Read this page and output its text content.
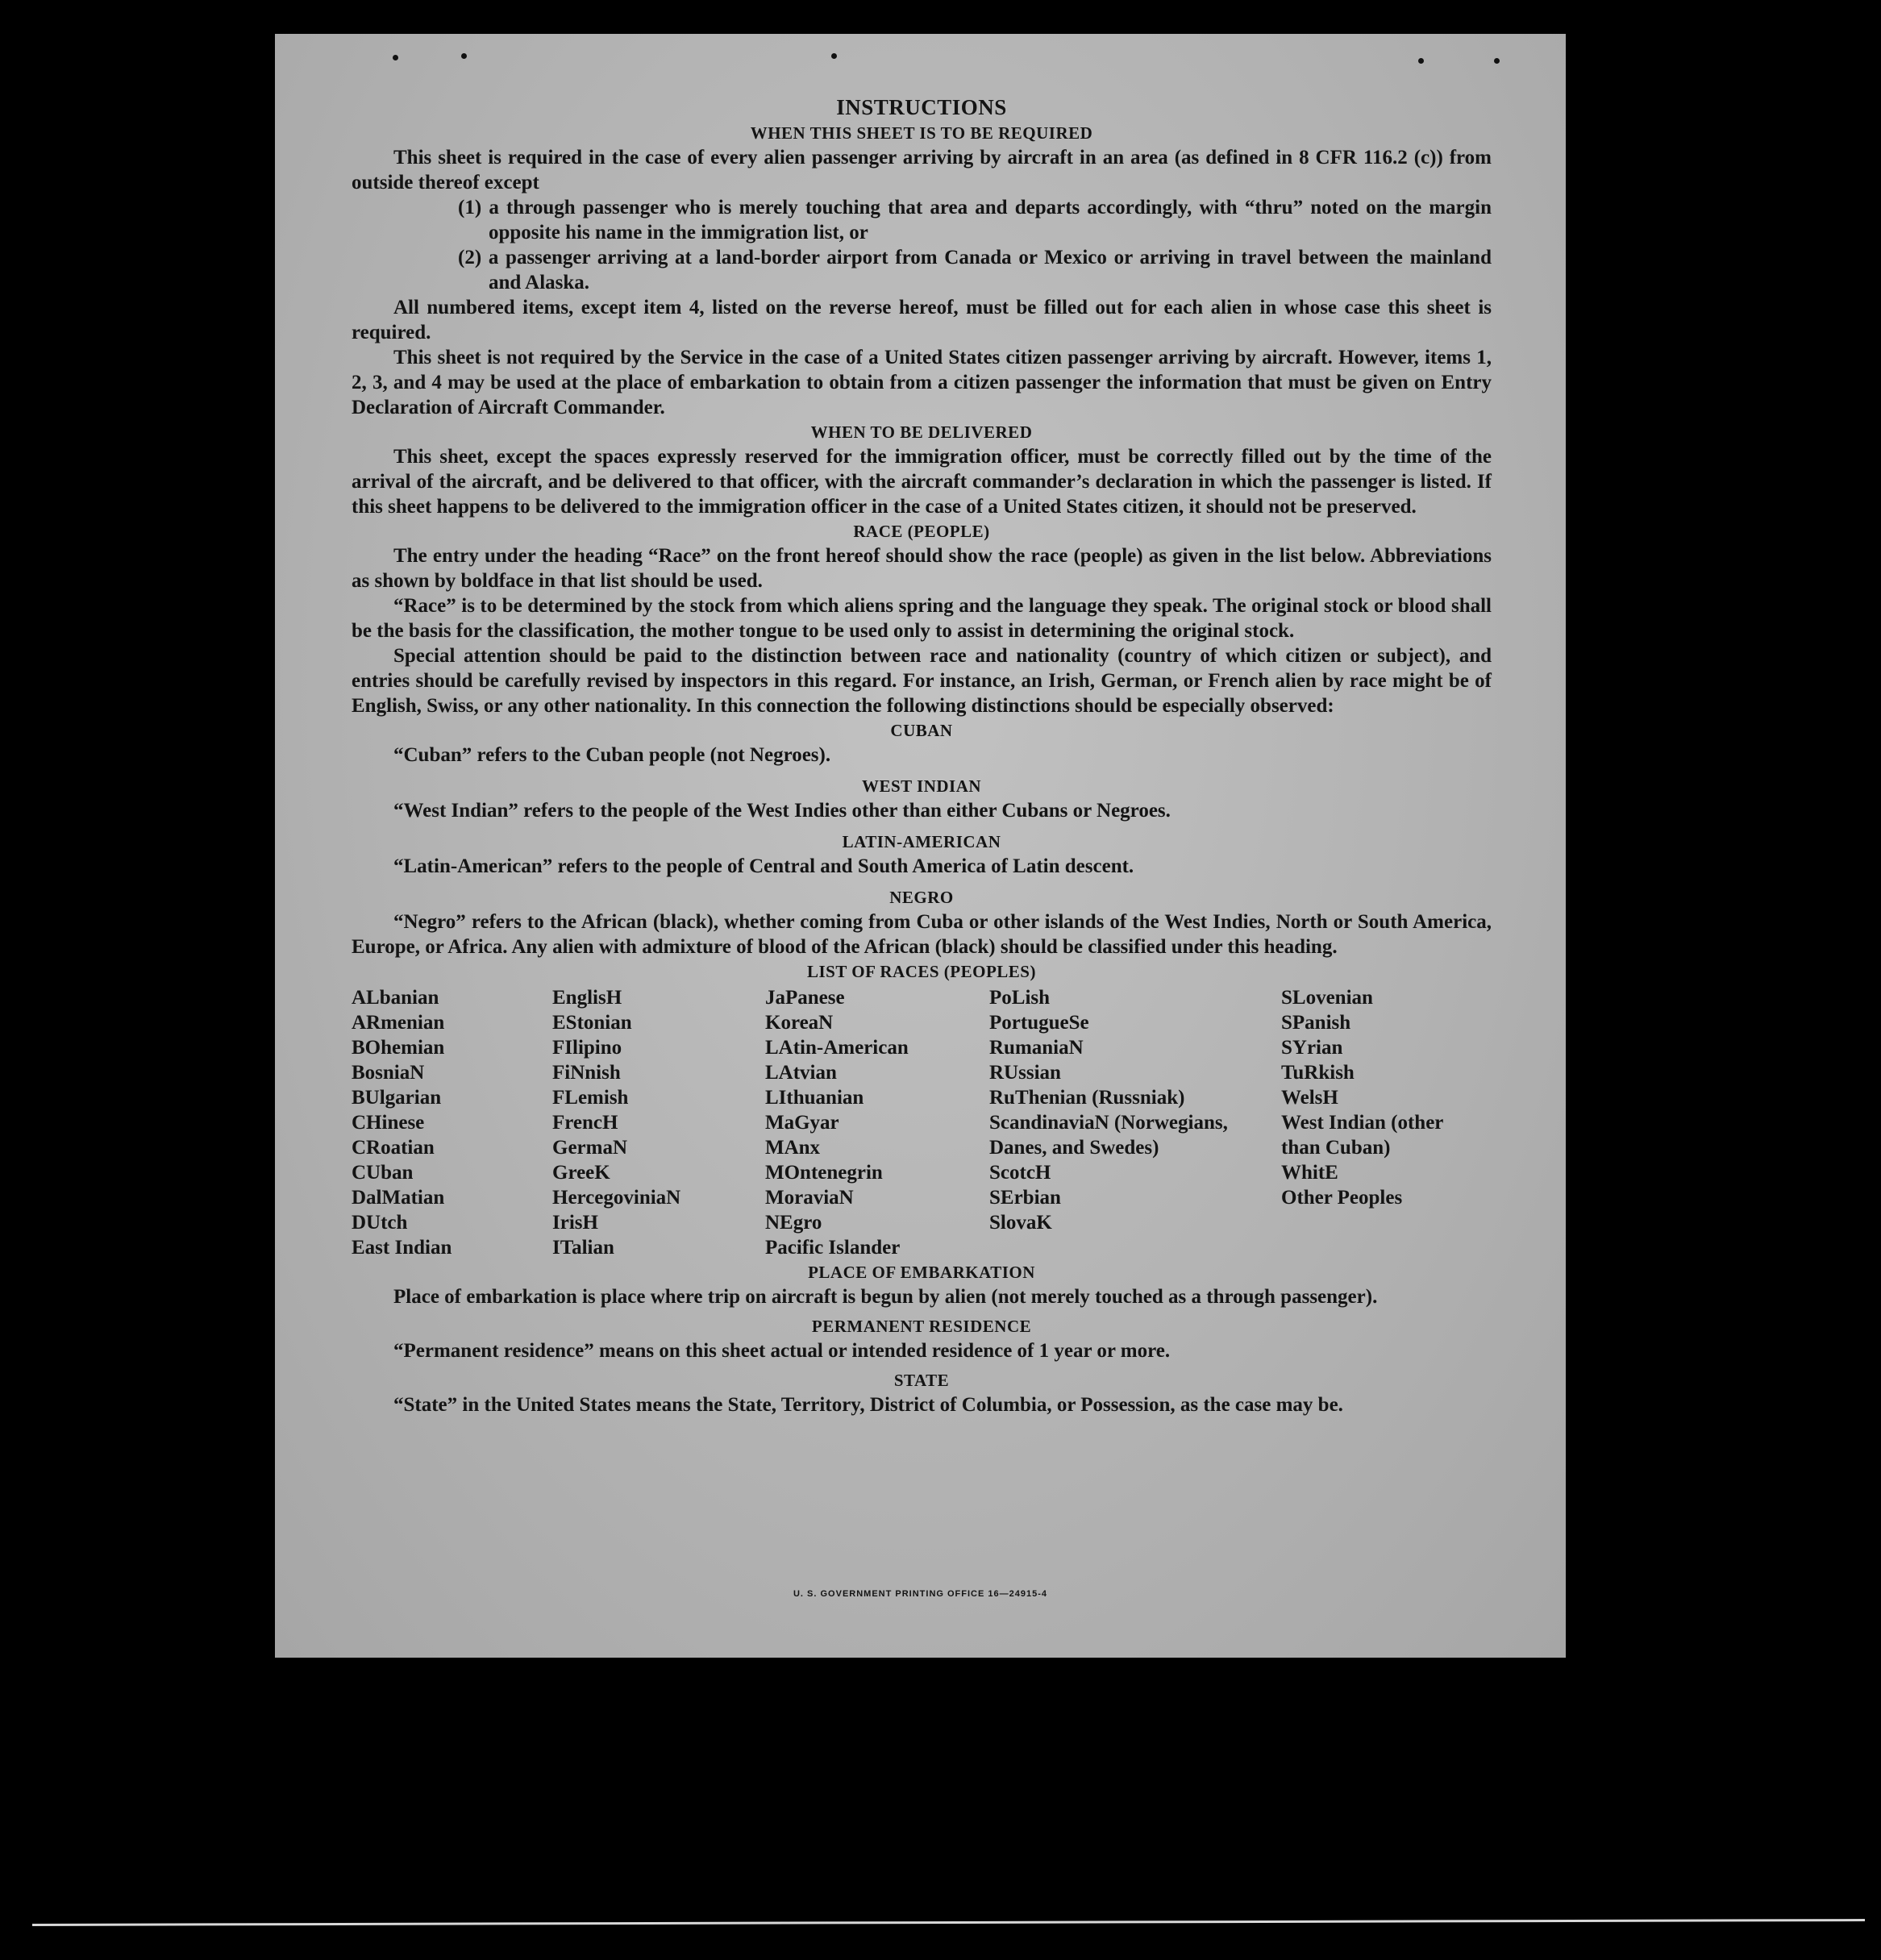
INSTRUCTIONS
WHEN THIS SHEET IS TO BE REQUIRED

This sheet is required in the case of every alien passenger arriving by aircraft in an area (as defined in 8 CFR 116.2 (c)) from outside thereof except

(1) a through passenger who is merely touching that area and departs accordingly, with “thru” noted on the margin opposite his name in the immigration list, or

(2) a passenger arriving at a land-border airport from Canada or Mexico or arriving in travel between the mainland and Alaska.

All numbered items, except item 4, listed on the reverse hereof, must be filled out for each alien in whose case this sheet is required.

This sheet is not required by the Service in the case of a United States citizen passenger arriving by aircraft. However, items 1, 2, 3, and 4 may be used at the place of embarkation to obtain from a citizen passenger the information that must be given on Entry Declaration of Aircraft Commander.

WHEN TO BE DELIVERED

This sheet, except the spaces expressly reserved for the immigration officer, must be correctly filled out by the time of the arrival of the aircraft, and be delivered to that officer, with the aircraft commander’s declaration in which the passenger is listed. If this sheet happens to be delivered to the immigration officer in the case of a United States citizen, it should not be preserved.

RACE (PEOPLE)

The entry under the heading “Race” on the front hereof should show the race (people) as given in the list below. Abbreviations as shown by boldface in that list should be used.

“Race” is to be determined by the stock from which aliens spring and the language they speak. The original stock or blood shall be the basis for the classification, the mother tongue to be used only to assist in determining the original stock.

Special attention should be paid to the distinction between race and nationality (country of which citizen or subject), and entries should be carefully revised by inspectors in this regard. For instance, an Irish, German, or French alien by race might be of English, Swiss, or any other nationality. In this connection the following distinctions should be especially observed:

CUBAN

“Cuban” refers to the Cuban people (not Negroes).

WEST INDIAN

“West Indian” refers to the people of the West Indies other than either Cubans or Negroes.

LATIN-AMERICAN

“Latin-American” refers to the people of Central and South America of Latin descent.

NEGRO

“Negro” refers to the African (black), whether coming from Cuba or other islands of the West Indies, North or South America, Europe, or Africa. Any alien with admixture of blood of the African (black) should be classified under this heading.

LIST OF RACES (PEOPLES)
ALbanian
ARmenian
BOhemian
BosniaN
BUlgarian
CHinese
CRoatian
CUban
DalMatian
DUtch
East Indian
EnglisH
EStonian
FIlipino
FiNnish
FLemish
FrencH
GermaN
GreeK
HercegoviniaN
IrisH
ITalian
JaPanese
KoreaN
LAtin-American
LAtvian
LIthuanian
MaGyar
MAnx
MOntenegrin
MoraviaN
NEgro
Pacific Islander
PoLish
PortugueSe
RumaniaN
RUssian
RuThenian (Russniak)
ScandinaviaN (Norwegians, Danes, and Swedes)
ScotcH
SErbian
SlovaK
SLovenian
SPanish
SYrian
TuRkish
WelsH
West Indian (other than Cuban)
WhitE
Other Peoples
PLACE OF EMBARKATION

Place of embarkation is place where trip on aircraft is begun by alien (not merely touched as a through passenger).

PERMANENT RESIDENCE

“Permanent residence” means on this sheet actual or intended residence of 1 year or more.

STATE

“State” in the United States means the State, Territory, District of Columbia, or Possession, as the case may be.

U. S. GOVERNMENT PRINTING OFFICE 16—24915-4
